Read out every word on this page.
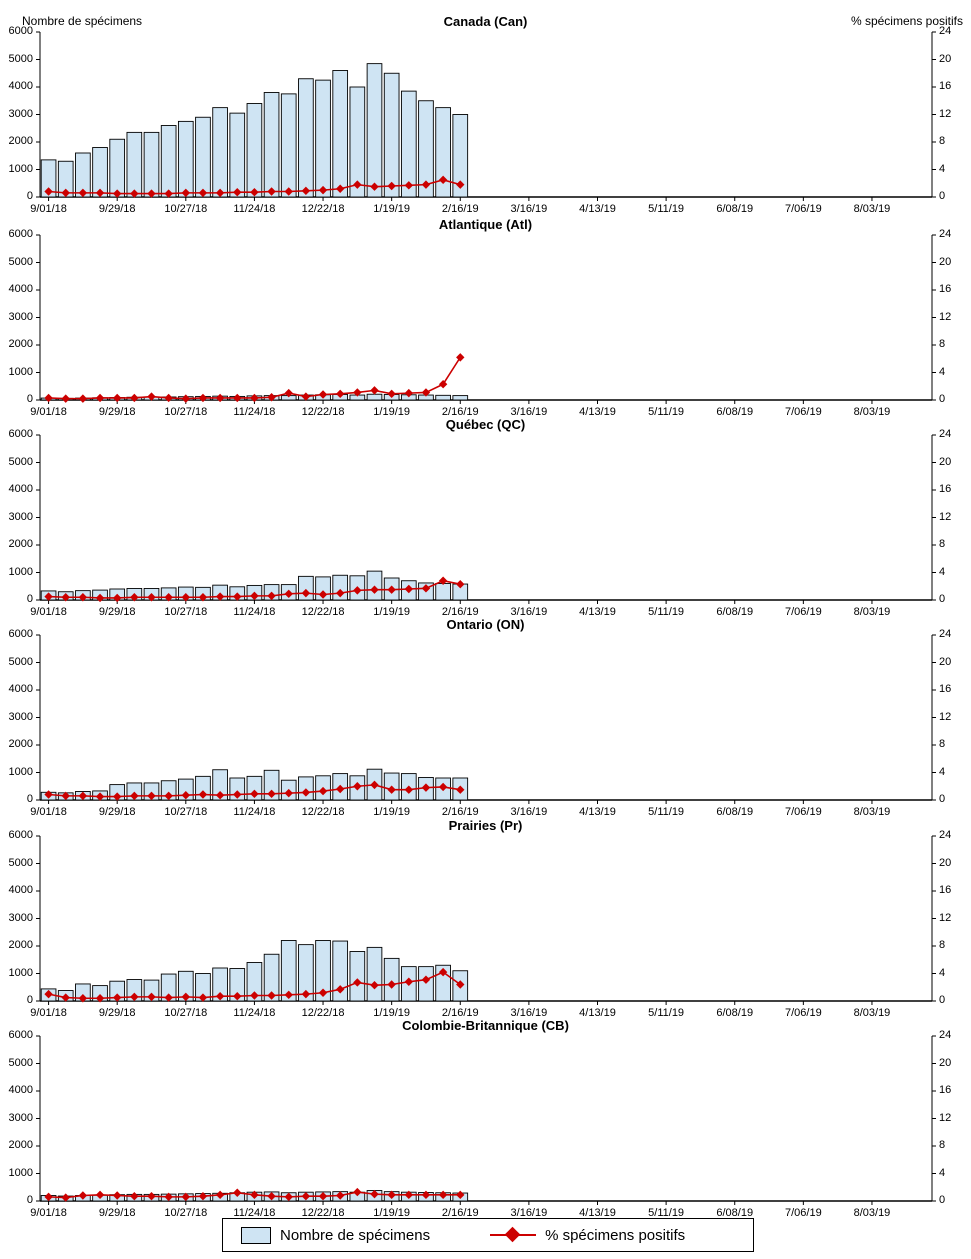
Canada (Can)
Nombre de spécimens	% spécimens positifs
0
1000
2000
3000
4000
5000
6000
0
4
8
12
16
20
24
9/01/18	9/29/18	10/27/18 11/24/18 12/22/18	1/19/19	2/16/19	3/16/19	4/13/19	5/11/19	6/08/19	7/06/19	8/03/19
Atlantique (Atl)
0
1000
2000
3000
4000
5000
6000
0
4
8
12
16
20
24
9/01/18	9/29/18	10/27/18 11/24/18 12/22/18	1/19/19	2/16/19	3/16/19	4/13/19	5/11/19	6/08/19	7/06/19	8/03/19
Québec (QC)
0
1000
2000
3000
4000
5000
6000
0
4
8
12
16
20
24
9/01/18	9/29/18	10/27/18 11/24/18 12/22/18	1/19/19	2/16/19	3/16/19	4/13/19	5/11/19	6/08/19	7/06/19	8/03/19
Ontario (ON)
0
1000
2000
3000
4000
5000
6000
0
4
8
12
16
20
24
9/01/18	9/29/18	10/27/18 11/24/18 12/22/18	1/19/19	2/16/19	3/16/19	4/13/19	5/11/19	6/08/19	7/06/19	8/03/19
Prairies (Pr)
0
1000
2000
3000
4000
5000
6000
0
4
8
12
16
20
24
9/01/18	9/29/18	10/27/18 11/24/18 12/22/18	1/19/19	2/16/19	3/16/19	4/13/19	5/11/19	6/08/19	7/06/19	8/03/19
Colombie-Britannique (CB)
0
1000
2000
3000
4000
5000
6000
0
4
8
12
16
20
24
9/01/18	9/29/18	10/27/18 11/24/18 12/22/18	1/19/19	2/16/19	3/16/19	4/13/19	5/11/19	6/08/19	7/06/19	8/03/19
Nombre de spécimens	% spécimens positifs
